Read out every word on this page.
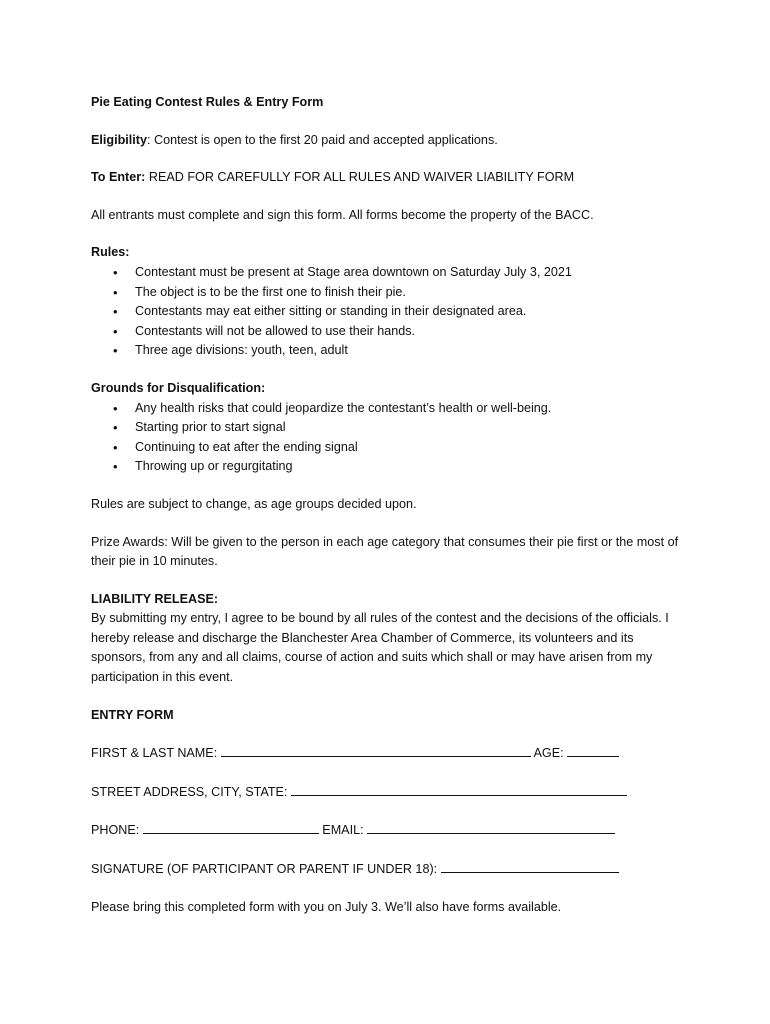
Pie Eating Contest Rules & Entry Form

Eligibility: Contest is open to the first 20 paid and accepted applications.

To Enter: READ FOR CAREFULLY FOR ALL RULES AND WAIVER LIABILITY FORM

All entrants must complete and sign this form. All forms become the property of the BACC.

Rules:

• Contestant must be present at Stage area downtown on Saturday July 3, 2021
• The object is to be the first one to finish their pie.
• Contestants may eat either sitting or standing in their designated area.
• Contestants will not be allowed to use their hands.
• Three age divisions: youth, teen, adult

Grounds for Disqualification:

• Any health risks that could jeopardize the contestant’s health or well-being.
• Starting prior to start signal
• Continuing to eat after the ending signal
• Throwing up or regurgitating

Rules are subject to change, as age groups decided upon.

Prize Awards: Will be given to the person in each age category that consumes their pie first or the most of their pie in 10 minutes.

LIABILITY RELEASE:

By submitting my entry, I agree to be bound by all rules of the contest and the decisions of the officials. I hereby release and discharge the Blanchester Area Chamber of Commerce, its volunteers and its sponsors, from any and all claims, course of action and suits which shall or may have arisen from my participation in this event.

ENTRY FORM

FIRST & LAST NAME:	AGE:

STREET ADDRESS, CITY, STATE:

PHONE:	EMAIL:

SIGNATURE (OF PARTICIPANT OR PARENT IF UNDER 18):

Please bring this completed form with you on July 3. We’ll also have forms available.
